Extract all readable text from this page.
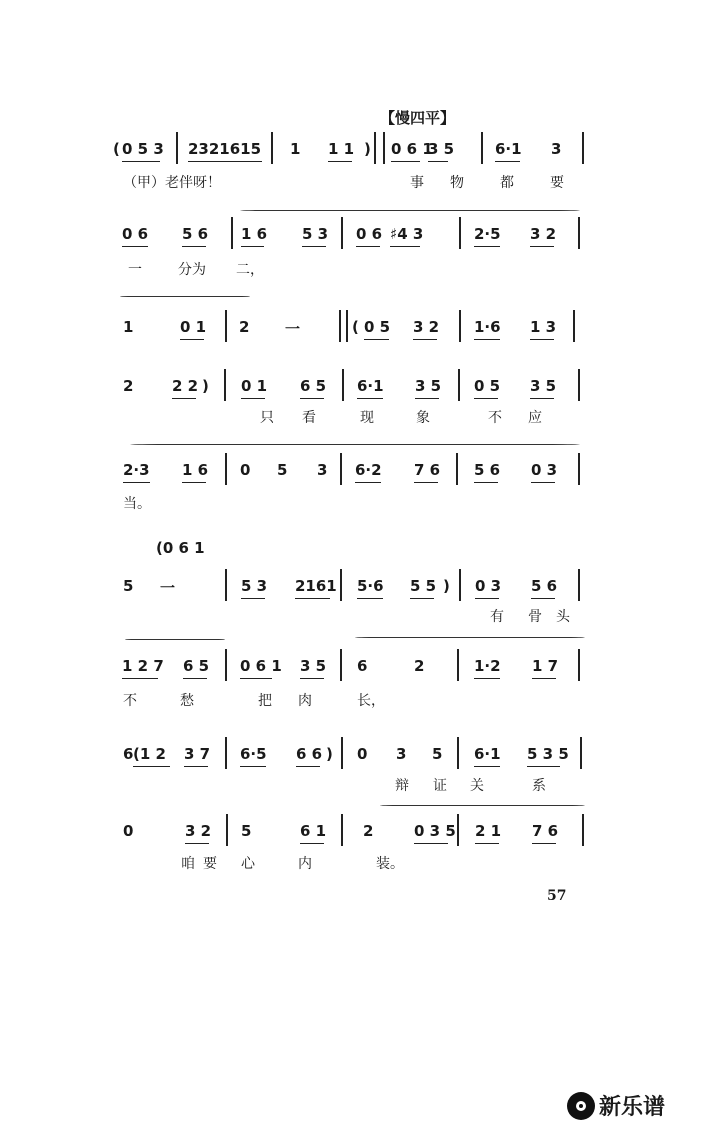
【慢四平】
( 0 5 3 2321615 1 1 1 ) 0 6 1
3 5	6·1 3
（甲）老伴呀！	事 物	都	要
0 6 5 6 1 6 5 3 0 6 ♯4 3	2·5 3 2
一	分为 二，
1	0 1 2 一	( 0 5 3 2 1·6 1 3
2	2 2 ) 0 1 6 5 6·1 3 5 0 5 3 5
只 看	现	象	不 应
2·3 1 6 0 5 3 6·2 7 6 5 6 0 3
当。
(0 6 1
5 一	5 3 2161 5·6 5 5 ) 0 3 5 6
有 骨 头
1 2 7 6 5 0 6 1 3 5 6	2	1·2 1 7
不	愁	把 肉	长，
6 (1 2 3 7 6·5 6 6 ) 0 3 5 6·1 5 3 5
辩 证 关	系
0	3 2 5	6 1 2	0 3 5 2 1 7 6
咱 要 心	内	装。
57
新乐谱
